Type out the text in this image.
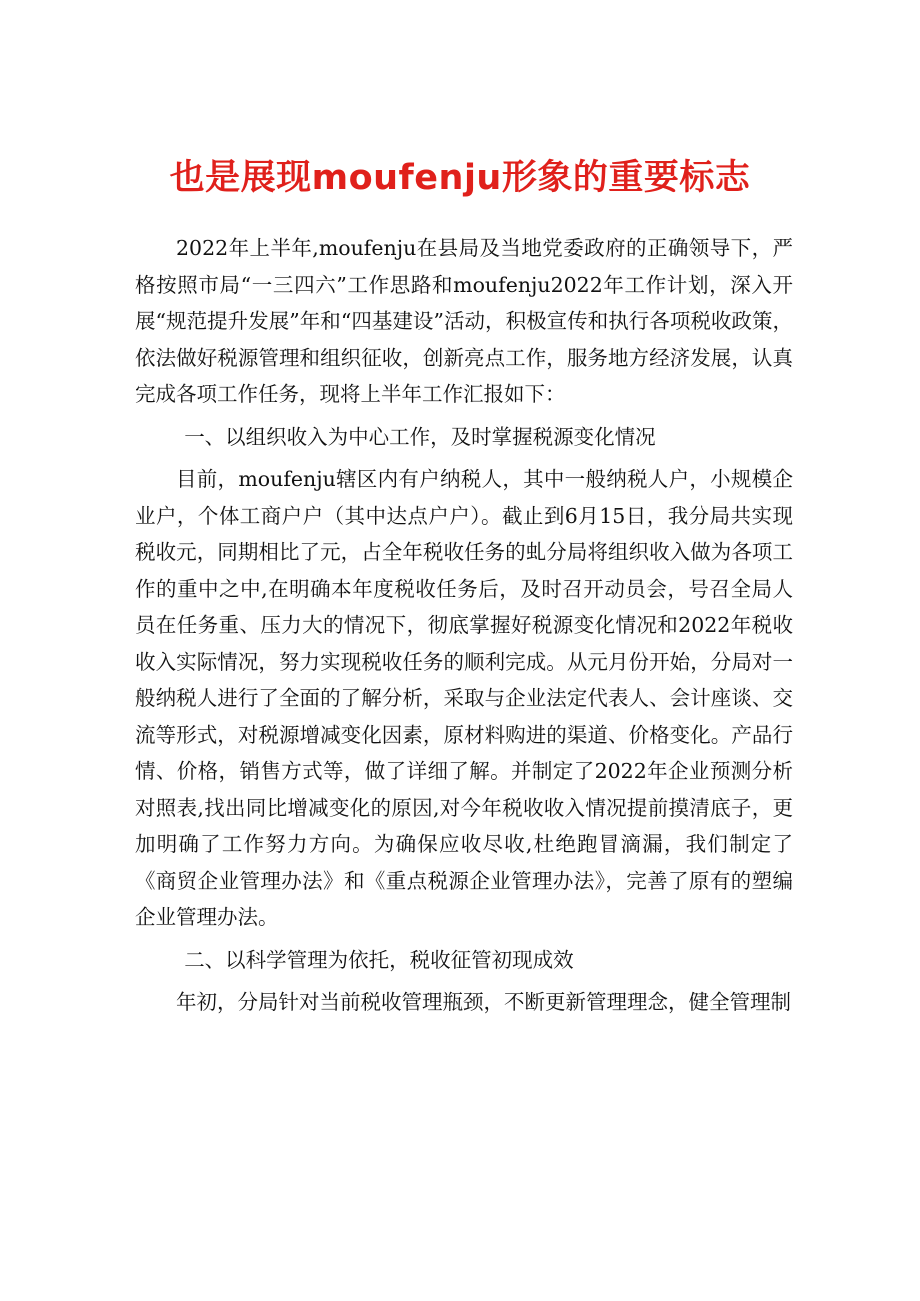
也是展现moufenju形象的重要标志

2022年上半年,moufenju在县局及当地党委政府的正确领导下，严格按照市局“一三四六”工作思路和moufenju2022年工作计划，深入开展“规范提升发展”年和“四基建设”活动，积极宣传和执行各项税收政策，依法做好税源管理和组织征收，创新亮点工作，服务地方经济发展，认真完成各项工作任务，现将上半年工作汇报如下：

一、以组织收入为中心工作，及时掌握税源变化情况

目前，moufenju辖区内有户纳税人，其中一般纳税人户，小规模企业户，个体工商户户（其中达点户户）。截止到6月15日，我分局共实现税收元，同期相比了元，占全年税收任务的虬分局将组织收入做为各项工作的重中之中,在明确本年度税收任务后，及时召开动员会，号召全局人员在任务重、压力大的情况下，彻底掌握好税源变化情况和2022年税收收入实际情况，努力实现税收任务的顺利完成。从元月份开始，分局对一般纳税人进行了全面的了解分析，采取与企业法定代表人、会计座谈、交流等形式，对税源增减变化因素，原材料购进的渠道、价格变化。产品行情、价格，销售方式等，做了详细了解。并制定了2022年企业预测分析对照表,找出同比增减变化的原因,对今年税收收入情况提前摸清底子，更加明确了工作努力方向。为确保应收尽收,杜绝跑冒滴漏，我们制定了《商贸企业管理办法》和《重点税源企业管理办法》，完善了原有的塑编企业管理办法。

二、以科学管理为依托，税收征管初现成效

年初，分局针对当前税收管理瓶颈，不断更新管理理念，健全管理制
